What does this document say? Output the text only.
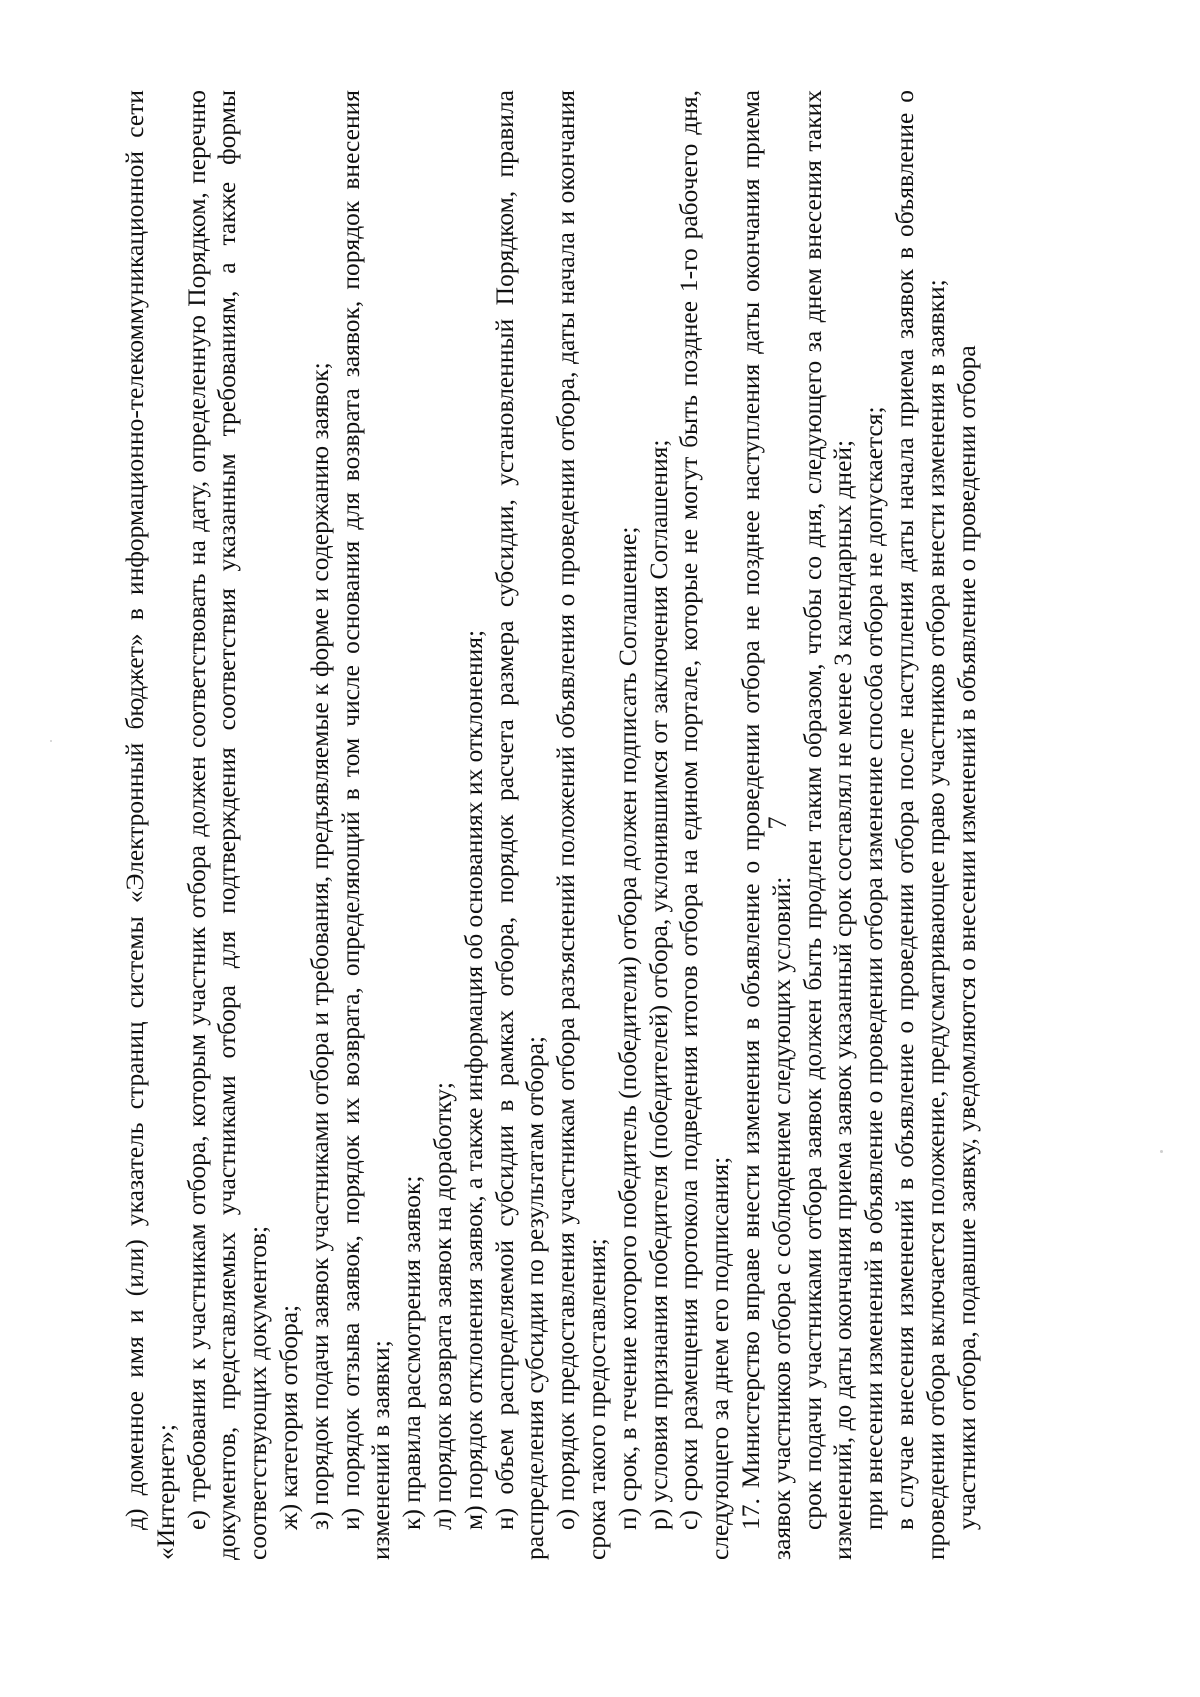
7

д) доменное имя и (или) указатель страниц системы «Электронный бюджет» в информационно-телекоммуникационной сети «Интернет»; е) требования к участникам отбора, которым участник отбора должен соответствовать на дату, определенную Порядком, перечню документов, представляемых участниками отбора для подтверждения соответствия указанным требованиям, а также формы соответствующих документов; ж) категория отбора; з) порядок подачи заявок участниками отбора и требования, предъявляемые к форме и содержанию заявок; и) порядок отзыва заявок, порядок их возврата, определяющий в том числе основания для возврата заявок, порядок внесения изменений в заявки; к) правила рассмотрения заявок; л) порядок возврата заявок на доработку; м) порядок отклонения заявок, а также информация об основаниях их отклонения; н) объем распределяемой субсидии в рамках отбора, порядок расчета размера субсидии, установленный Порядком, правила распределения субсидии по результатам отбора; о) порядок предоставления участникам отбора разъяснений положений объявления о проведении отбора, даты начала и окончания срока такого предоставления; п) срок, в течение которого победитель (победители) отбора должен подписать Соглашение; р) условия признания победителя (победителей) отбора, уклонившимся от заключения Соглашения; с) сроки размещения протокола подведения итогов отбора на едином портале, которые не могут быть позднее 1-го рабочего дня, следующего за днем его подписания; 17. Министерство вправе внести изменения в объявление о проведении отбора не позднее наступления даты окончания приема заявок участников отбора с соблюдением следующих условий: срок подачи участниками отбора заявок должен быть продлен таким образом, чтобы со дня, следующего за днем внесения таких изменений, до даты окончания приема заявок указанный срок составлял не менее 3 календарных дней; при внесении изменений в объявление о проведении отбора изменение способа отбора не допускается; в случае внесения изменений в объявление о проведении отбора после наступления даты начала приема заявок в объявление о проведении отбора включается положение, предусматривающее право участников отбора внести изменения в заявки; участники отбора, подавшие заявку, уведомляются о внесении изменений в объявление о проведении отбора
